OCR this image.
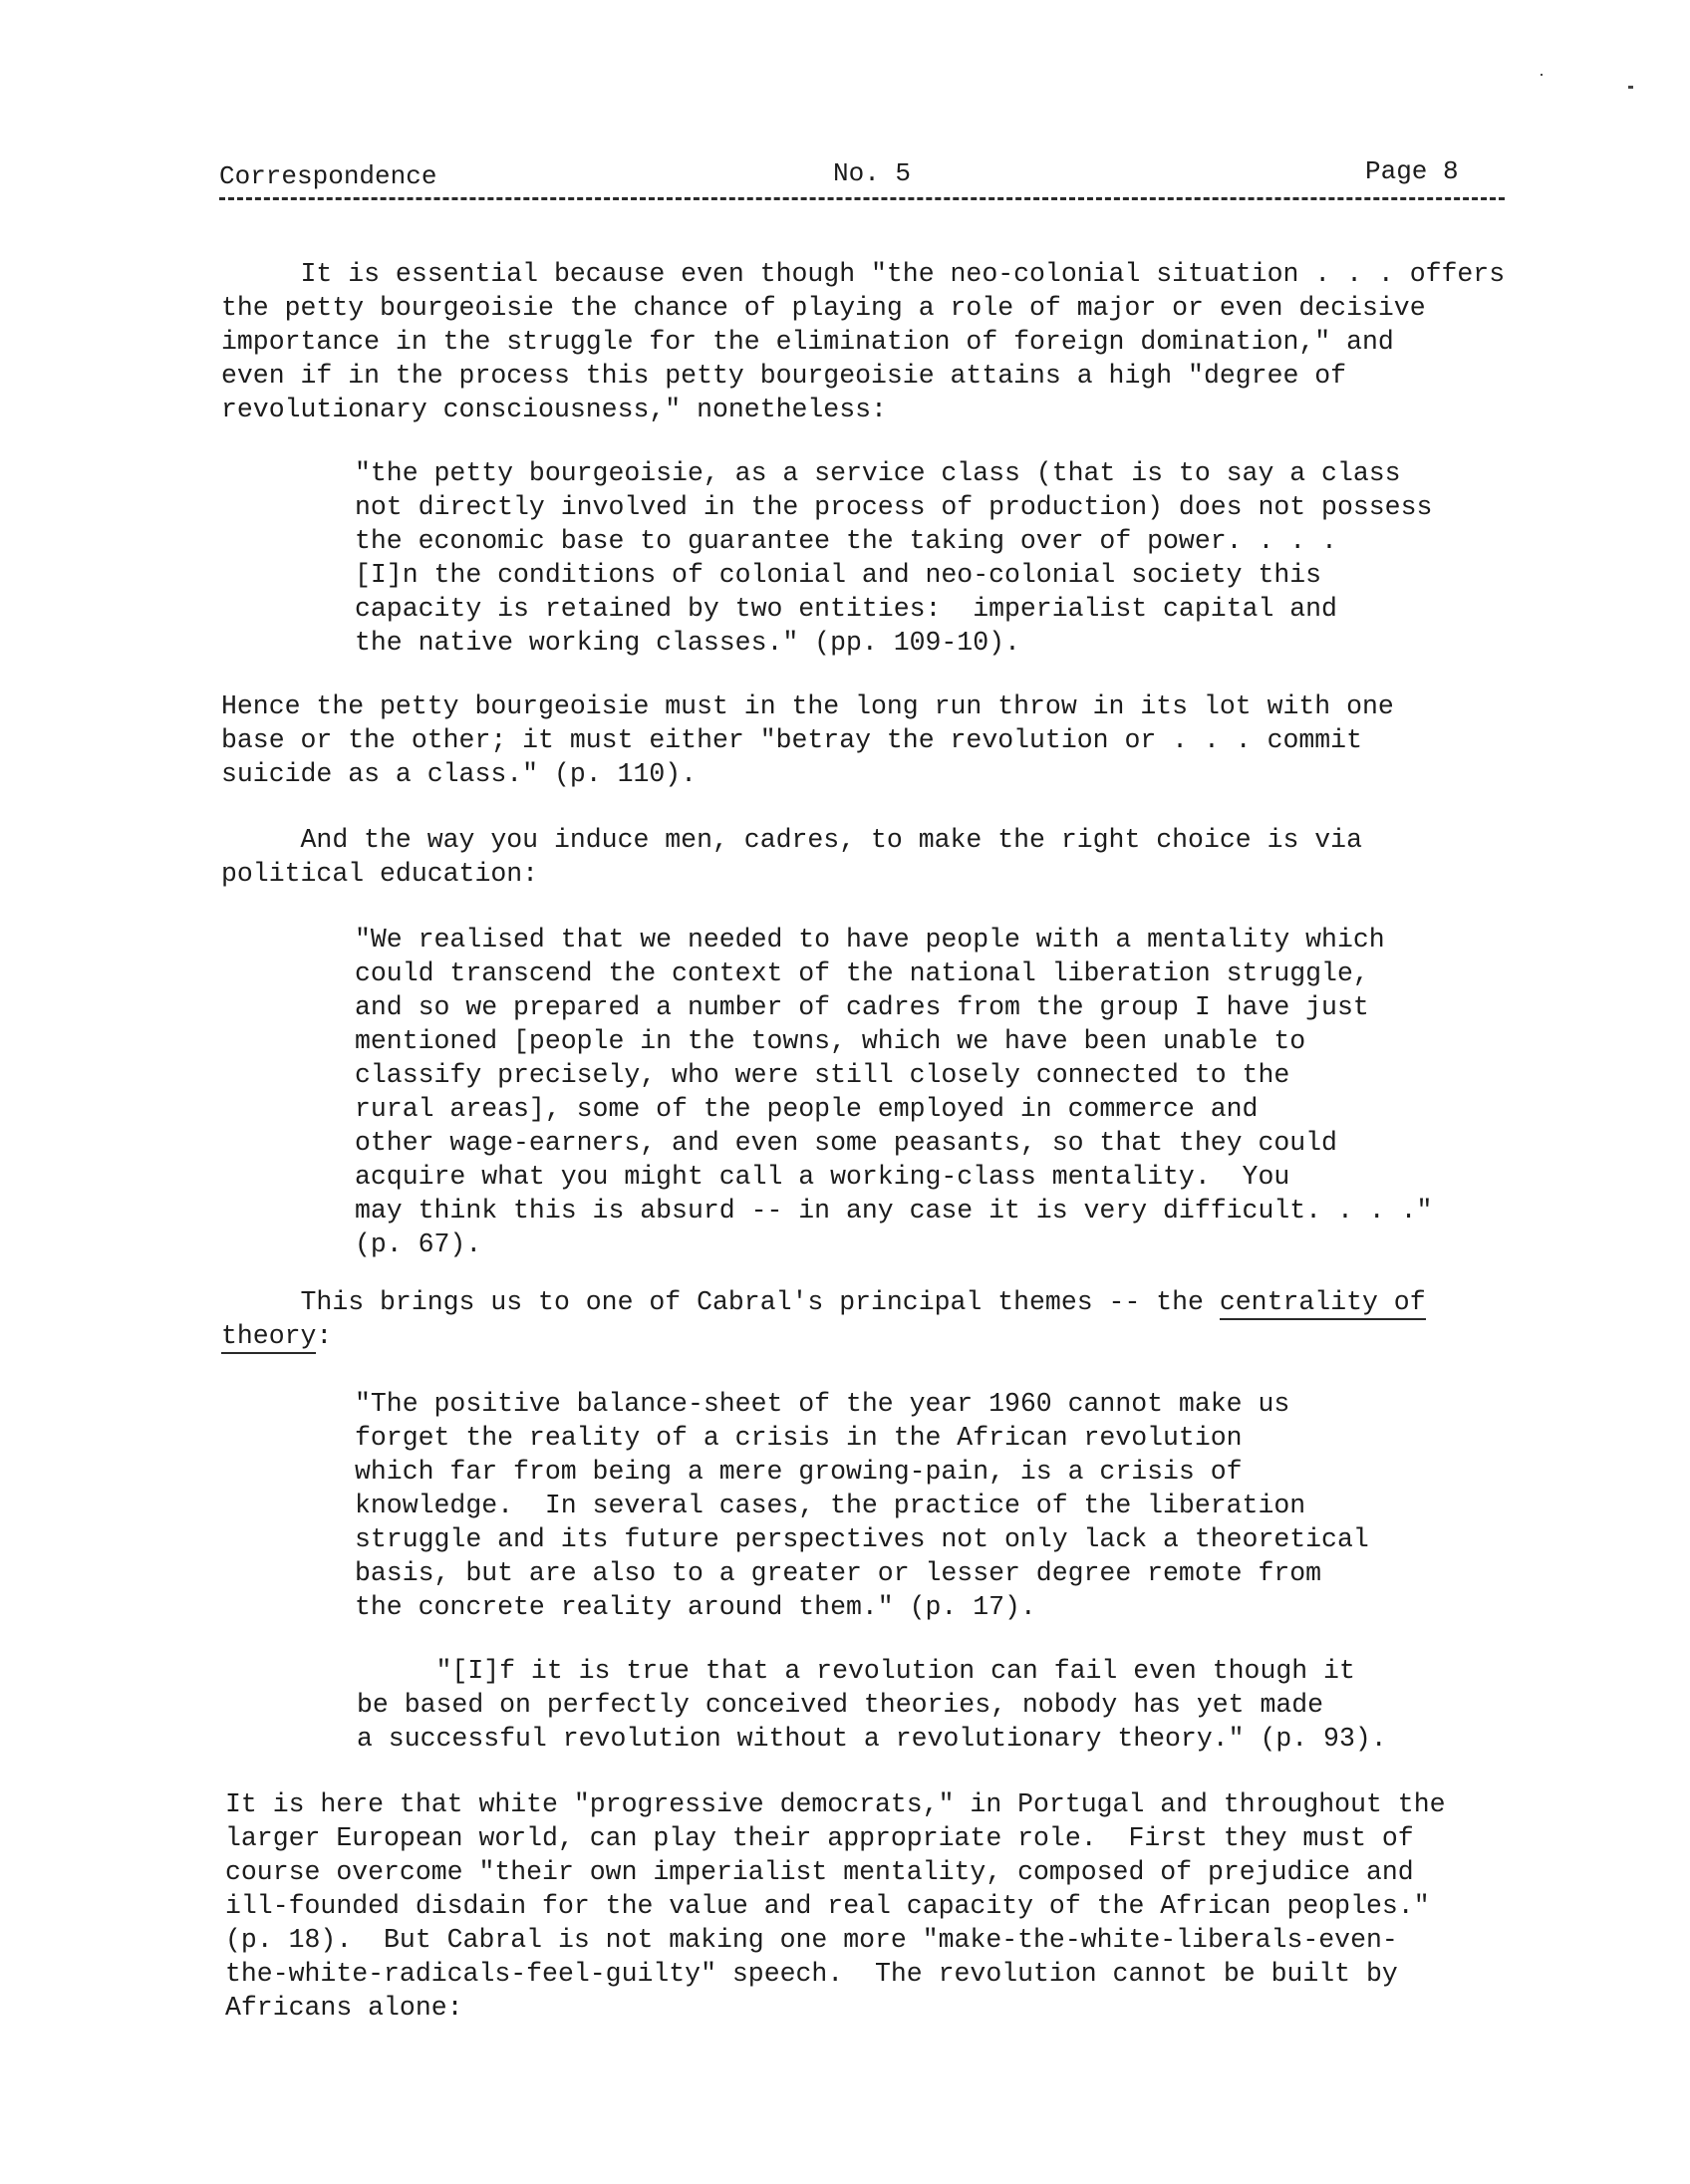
Correspondence	No. 5	Page 8
It is essential because even though "the neo-colonial situation . . . offers
the petty bourgeoisie the chance of playing a role of major or even decisive
importance in the struggle for the elimination of foreign domination," and
even if in the process this petty bourgeoisie attains a high "degree of
revolutionary consciousness," nonetheless:
"the petty bourgeoisie, as a service class (that is to say a class
not directly involved in the process of production) does not possess
the economic base to guarantee the taking over of power. . . .
[I]n the conditions of colonial and neo-colonial society this
capacity is retained by two entities:  imperialist capital and
the native working classes." (pp. 109-10).
Hence the petty bourgeoisie must in the long run throw in its lot with one
base or the other; it must either "betray the revolution or . . . commit
suicide as a class." (p. 110).
And the way you induce men, cadres, to make the right choice is via
political education:
"We realised that we needed to have people with a mentality which
could transcend the context of the national liberation struggle,
and so we prepared a number of cadres from the group I have just
mentioned [people in the towns, which we have been unable to
classify precisely, who were still closely connected to the
rural areas], some of the people employed in commerce and
other wage-earners, and even some peasants, so that they could
acquire what you might call a working-class mentality.  You
may think this is absurd -- in any case it is very difficult. . . ."
(p. 67).
This brings us to one of Cabral's principal themes -- the centrality of
theory:
"The positive balance-sheet of the year 1960 cannot make us
forget the reality of a crisis in the African revolution
which far from being a mere growing-pain, is a crisis of
knowledge.  In several cases, the practice of the liberation
struggle and its future perspectives not only lack a theoretical
basis, but are also to a greater or lesser degree remote from
the concrete reality around them." (p. 17).
"[I]f it is true that a revolution can fail even though it
be based on perfectly conceived theories, nobody has yet made
a successful revolution without a revolutionary theory." (p. 93).
It is here that white "progressive democrats," in Portugal and throughout the
larger European world, can play their appropriate role.  First they must of
course overcome "their own imperialist mentality, composed of prejudice and
ill-founded disdain for the value and real capacity of the African peoples."
(p. 18).  But Cabral is not making one more "make-the-white-liberals-even-
the-white-radicals-feel-guilty" speech.  The revolution cannot be built by
Africans alone:
